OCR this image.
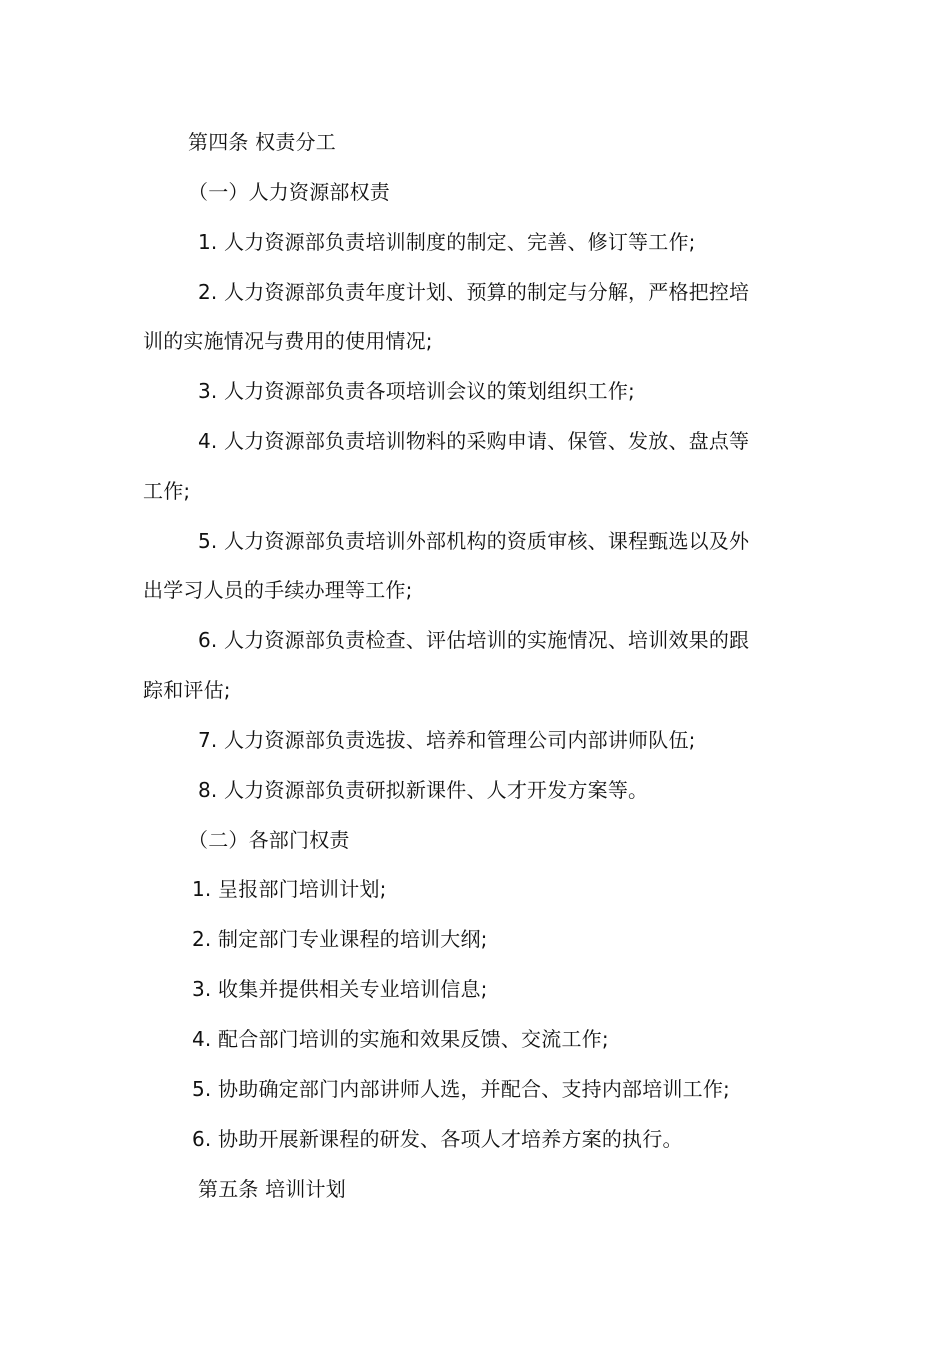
第四条 权责分工
（一）人力资源部权责
1. 人力资源部负责培训制度的制定、完善、修订等工作;
2. 人力资源部负责年度计划、预算的制定与分解，严格把控培
训的实施情况与费用的使用情况;
3. 人力资源部负责各项培训会议的策划组织工作;
4. 人力资源部负责培训物料的采购申请、保管、发放、盘点等
工作;
5. 人力资源部负责培训外部机构的资质审核、课程甄选以及外
出学习人员的手续办理等工作;
6. 人力资源部负责检查、评估培训的实施情况、培训效果的跟
踪和评估;
7. 人力资源部负责选拔、培养和管理公司内部讲师队伍;
8. 人力资源部负责研拟新课件、人才开发方案等。
（二）各部门权责
1. 呈报部门培训计划;
2. 制定部门专业课程的培训大纲;
3. 收集并提供相关专业培训信息;
4. 配合部门培训的实施和效果反馈、交流工作;
5. 协助确定部门内部讲师人选，并配合、支持内部培训工作;
6. 协助开展新课程的研发、各项人才培养方案的执行。
第五条 培训计划
